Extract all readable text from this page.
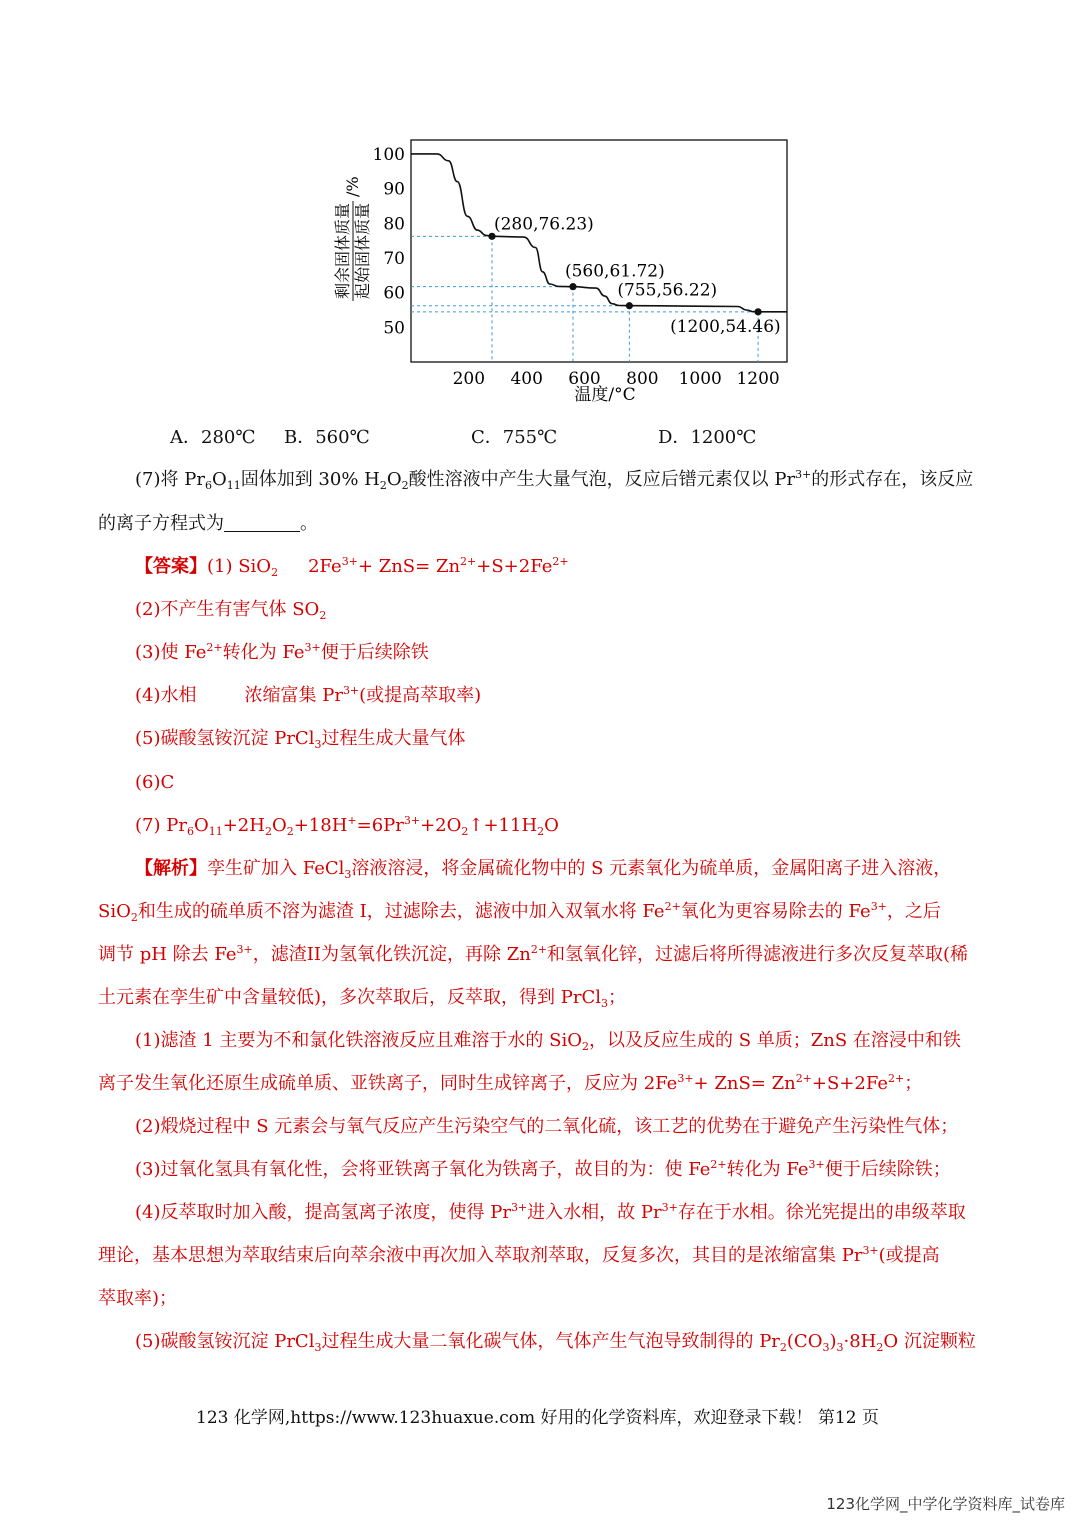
100
90
80
70
60
50
200 400 600 800 1000 1200
(280,76.23)
(560,61.72)
(755,56.22)
(1200,54.46)
剩余固体质量 起始固体质量
/%
温度/°C
A．280℃ B．560℃	C．755℃	D．1200℃
(7)将 $Pr_6O_{11}$固体加到 30% $H_2O_2$酸性溶液中产生大量气泡，反应后镨元素仅以 $Pr^{3+}$的形式存在，该反应
的离子方程式为	。
【答案】(1) SiO$_2$ $2Fe^{3+}+ ZnS= Zn^{2+}+S+2Fe^{2+}$
(2)不产生有害气体 $SO_2$
(3)使 $Fe^{2+}$转化为 $Fe^{3+}$便于后续除铁
(4)水相	浓缩富集 $Pr^{3+}$(或提高萃取率)
(5)碳酸氢铵沉淀 PrCl$_3$过程生成大量气体
(6)C
(7) $Pr_6O_{11}+2H_2O_2+18H^+=6Pr^{3+}+2O_2↑+11H_2O$
【解析】孪生矿加入 FeCl$_3$溶液溶浸，将金属硫化物中的 S 元素氧化为硫单质，金属阳离子进入溶液，
SiO$_2$和生成的硫单质不溶为滤渣 I，过滤除去，滤液中加入双氧水将 $Fe^{2+}$氧化为更容易除去的 $Fe^{3+}$，之后
调节 pH 除去 $Fe^{3+}$，滤渣II为氢氧化铁沉淀，再除 $Zn^{2+}$和氢氧化锌，过滤后将所得滤液进行多次反复萃取(稀
土元素在孪生矿中含量较低)，多次萃取后，反萃取，得到 PrCl$_3$；
(1)滤渣 1 主要为不和氯化铁溶液反应且难溶于水的 SiO$_2$，以及反应生成的 S 单质；ZnS 在溶浸中和铁
离子发生氧化还原生成硫单质、亚铁离子，同时生成锌离子，反应为 $2Fe^{3+}+ ZnS= Zn^{2+}+S+2Fe^{2+}$；
(2)煅烧过程中 S 元素会与氧气反应产生污染空气的二氧化硫，该工艺的优势在于避免产生污染性气体；
(3)过氧化氢具有氧化性，会将亚铁离子氧化为铁离子，故目的为：使 $Fe^{2+}$转化为 $Fe^{3+}$便于后续除铁；
(4)反萃取时加入酸，提高氢离子浓度，使得 $Pr^{3+}$进入水相，故 $Pr^{3+}$存在于水相。徐光宪提出的串级萃取
理论，基本思想为萃取结束后向萃余液中再次加入萃取剂萃取，反复多次，其目的是浓缩富集 $Pr^{3+}$(或提高
萃取率)；
(5)碳酸氢铵沉淀 PrCl$_3$过程生成大量二氧化碳气体，气体产生气泡导致制得的 $Pr_2(CO_3)_3\cdot 8H_2O$ 沉淀颗粒
123 化学网,https://www.123huaxue.com 好用的化学资料库，欢迎登录下载！ 第12 页
123化学网_中学化学资料库_试卷库
